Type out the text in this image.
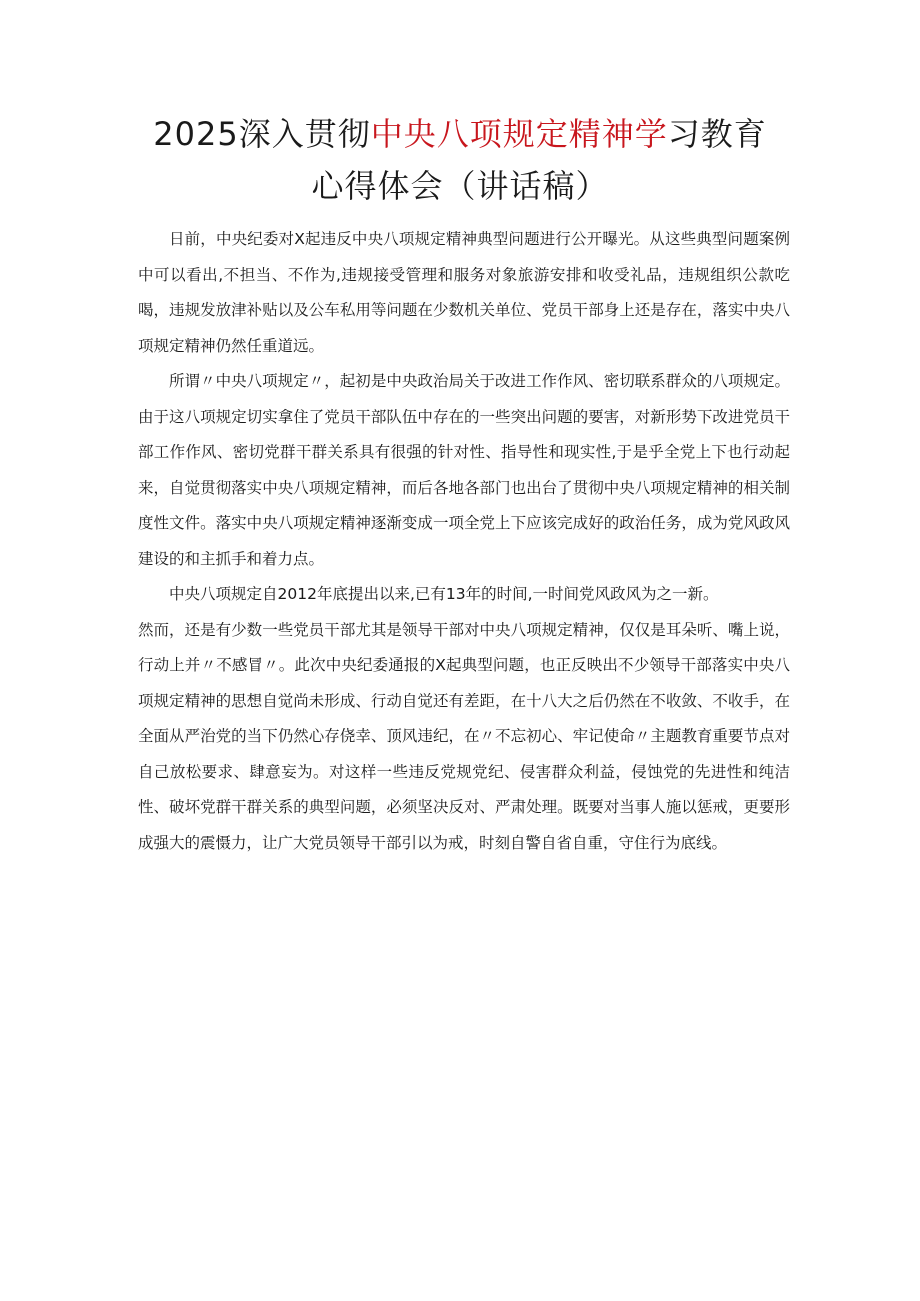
2025深入贯彻中央八项规定精神学习教育
心得体会（讲话稿）

日前，中央纪委对X起违反中央八项规定精神典型问题进行公开曝光。从这些典型问题案例中可以看出,不担当、不作为,违规接受管理和服务对象旅游安排和收受礼品，违规组织公款吃喝，违规发放津补贴以及公车私用等问题在少数机关单位、党员干部身上还是存在，落实中央八项规定精神仍然任重道远。

所谓〃中央八项规定〃，起初是中央政治局关于改进工作作风、密切联系群众的八项规定。由于这八项规定切实拿住了党员干部队伍中存在的一些突出问题的要害，对新形势下改进党员干部工作作风、密切党群干群关系具有很强的针对性、指导性和现实性,于是乎全党上下也行动起来，自觉贯彻落实中央八项规定精神，而后各地各部门也出台了贯彻中央八项规定精神的相关制度性文件。落实中央八项规定精神逐渐变成一项全党上下应该完成好的政治任务，成为党风政风建设的和主抓手和着力点。

中央八项规定自2012年底提出以来,已有13年的时间,一时间党风政风为之一新。

然而，还是有少数一些党员干部尤其是领导干部对中央八项规定精神，仅仅是耳朵听、嘴上说，行动上并〃不感冒〃。此次中央纪委通报的X起典型问题，也正反映出不少领导干部落实中央八项规定精神的思想自觉尚未形成、行动自觉还有差距，在十八大之后仍然在不收敛、不收手，在全面从严治党的当下仍然心存侥幸、顶风违纪，在〃不忘初心、牢记使命〃主题教育重要节点对自己放松要求、肆意妄为。对这样一些违反党规党纪、侵害群众利益，侵蚀党的先进性和纯洁性、破坏党群干群关系的典型问题，必须坚决反对、严肃处理。既要对当事人施以惩戒，更要形成强大的震慑力，让广大党员领导干部引以为戒，时刻自警自省自重，守住行为底线。
